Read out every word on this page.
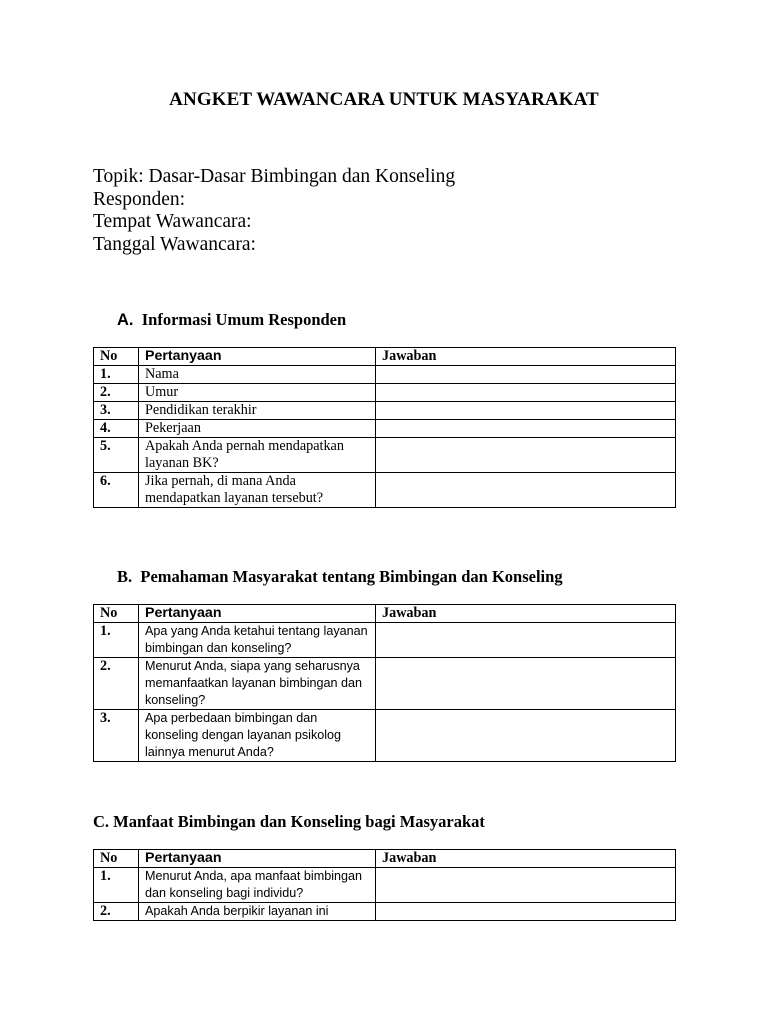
ANGKET WAWANCARA UNTUK MASYARAKAT
Topik: Dasar-Dasar Bimbingan dan Konseling
Responden:
Tempat Wawancara:
Tanggal Wawancara:
A. Informasi Umum Responden
No	Pertanyaan	Jawaban
1.	Nama	
2.	Umur	
3.	Pendidikan terakhir	
4.	Pekerjaan	
5.	Apakah Anda pernah mendapatkan layanan BK?	
6.	Jika pernah, di mana Anda mendapatkan layanan tersebut?	
B. Pemahaman Masyarakat tentang Bimbingan dan Konseling
No	Pertanyaan	Jawaban
1.	Apa yang Anda ketahui tentang layanan bimbingan dan konseling?	
2.	Menurut Anda, siapa yang seharusnya memanfaatkan layanan bimbingan dan konseling?	
3.	Apa perbedaan bimbingan dan konseling dengan layanan psikolog lainnya menurut Anda?	
C. Manfaat Bimbingan dan Konseling bagi Masyarakat
No	Pertanyaan	Jawaban
1.	Menurut Anda, apa manfaat bimbingan dan konseling bagi individu?	
2.	Apakah Anda berpikir layanan ini	
